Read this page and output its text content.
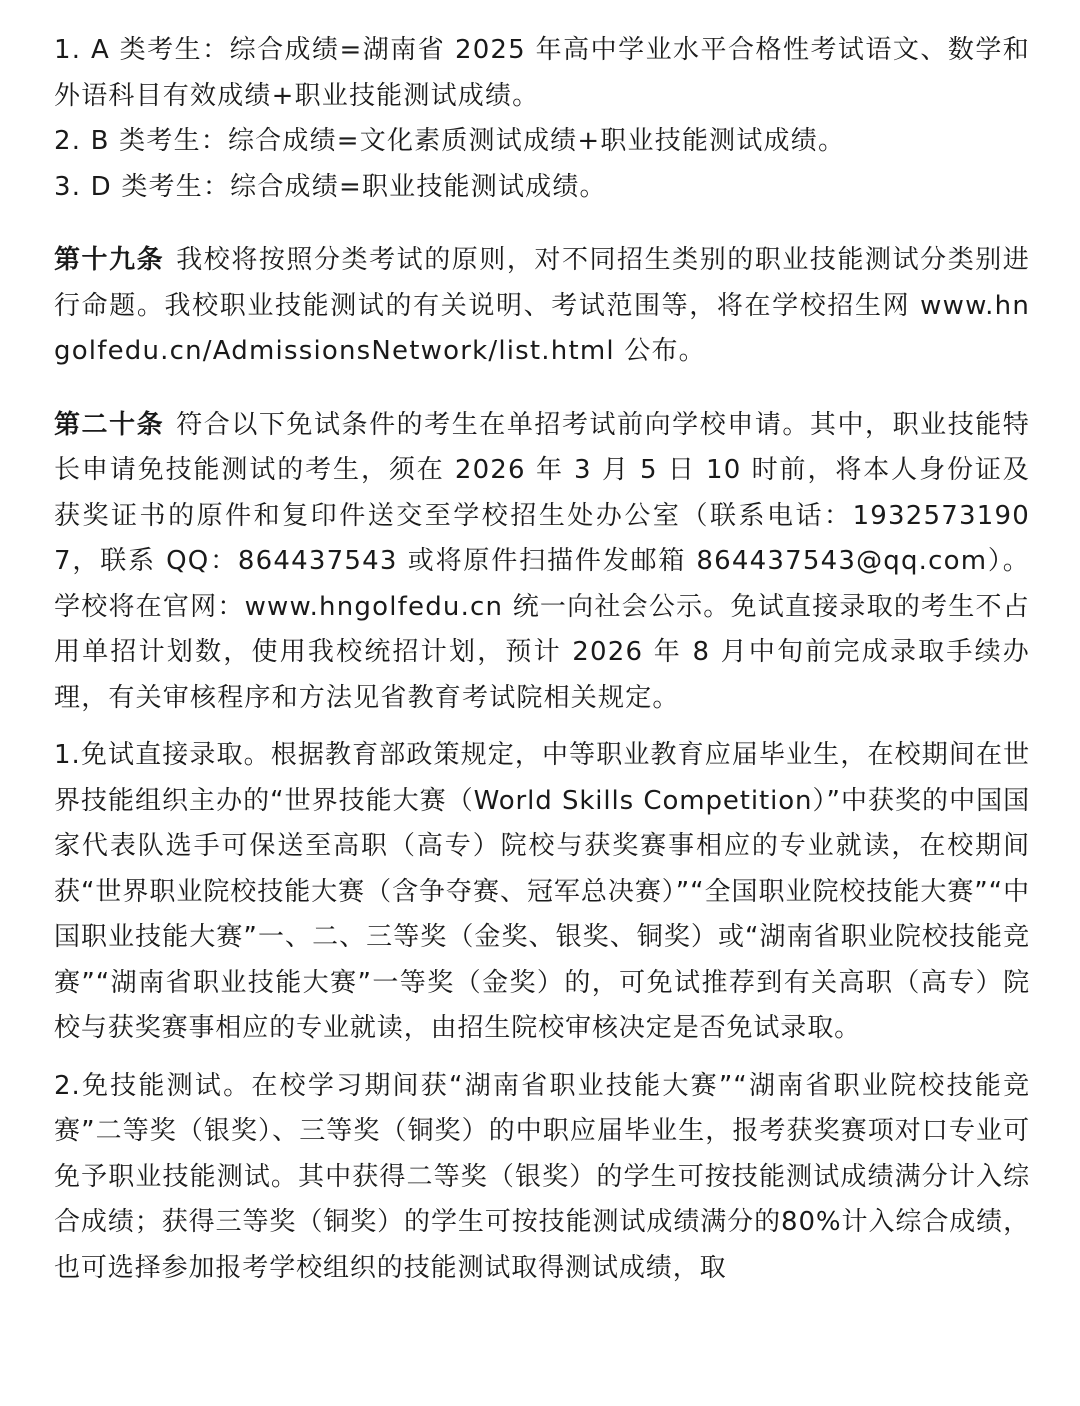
1. A 类考生：综合成绩=湖南省 2025 年高中学业水平合格性考试语文、数学和外语科目有效成绩+职业技能测试成绩。

2. B 类考生：综合成绩=文化素质测试成绩+职业技能测试成绩。

3. D 类考生：综合成绩=职业技能测试成绩。

第十九条 我校将按照分类考试的原则，对不同招生类别的职业技能测试分类别进行命题。我校职业技能测试的有关说明、考试范围等，将在学校招生网 www.hngolfedu.cn/AdmissionsNetwork/list.html 公布。

第二十条 符合以下免试条件的考生在单招考试前向学校申请。其中，职业技能特长申请免技能测试的考生，须在 2026 年 3 月 5 日 10 时前，将本人身份证及获奖证书的原件和复印件送交至学校招生处办公室（联系电话：19325731907，联系 QQ：864437543 或将原件扫描件发邮箱 864437543@qq.com）。学校将在官网：www.hngolfedu.cn 统一向社会公示。免试直接录取的考生不占用单招计划数，使用我校统招计划，预计 2026 年 8 月中旬前完成录取手续办理，有关审核程序和方法见省教育考试院相关规定。

1.免试直接录取。根据教育部政策规定，中等职业教育应届毕业生，在校期间在世界技能组织主办的“世界技能大赛（World Skills Competition）”中获奖的中国国家代表队选手可保送至高职（高专）院校与获奖赛事相应的专业就读，在校期间获“世界职业院校技能大赛（含争夺赛、冠军总决赛）”“全国职业院校技能大赛”“中国职业技能大赛”一、二、三等奖（金奖、银奖、铜奖）或“湖南省职业院校技能竞赛”“湖南省职业技能大赛”一等奖（金奖）的，可免试推荐到有关高职（高专）院校与获奖赛事相应的专业就读，由招生院校审核决定是否免试录取。

2.免技能测试。在校学习期间获“湖南省职业技能大赛”“湖南省职业院校技能竞赛”二等奖（银奖）、三等奖（铜奖）的中职应届毕业生，报考获奖赛项对口专业可免予职业技能测试。其中获得二等奖（银奖）的学生可按技能测试成绩满分计入综合成绩；获得三等奖（铜奖）的学生可按技能测试成绩满分的80%计入综合成绩，也可选择参加报考学校组织的技能测试取得测试成绩，取
